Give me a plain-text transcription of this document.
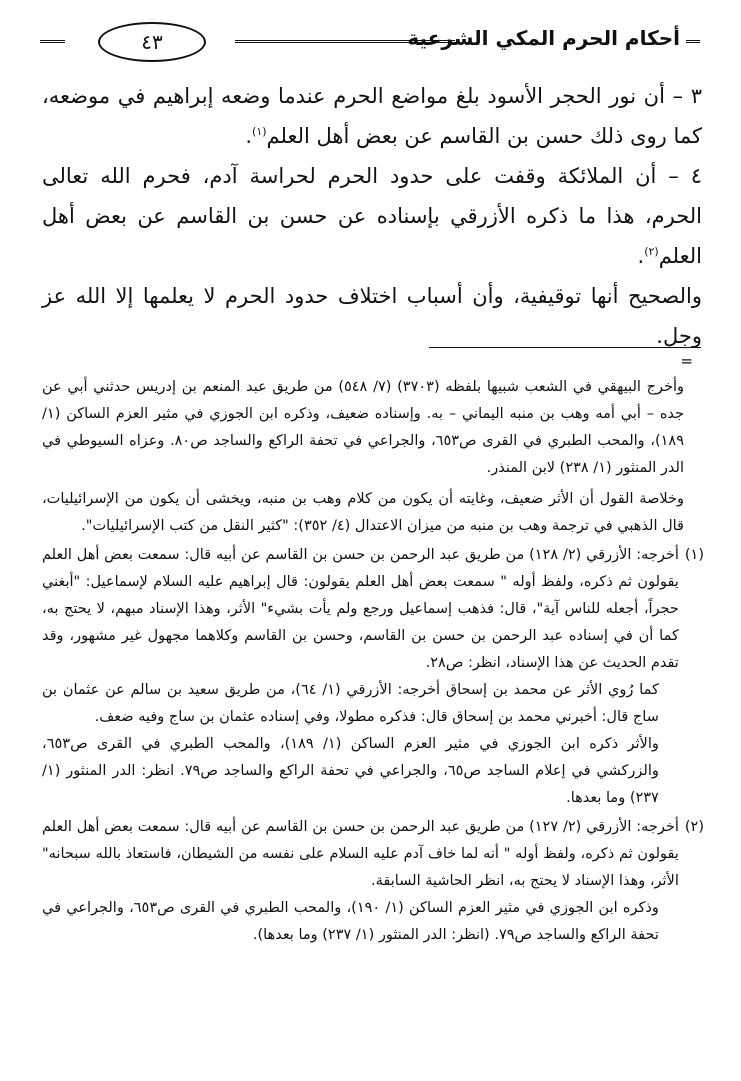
أحكام الحرم المكي الشرعية
٤٣

٣ – أن نور الحجر الأسود بلغ مواضع الحرم عندما وضعه إبراهيم في موضعه، كما روى ذلك حسن بن القاسم عن بعض أهل العلم$^{(١)}$.

٤ – أن الملائكة وقفت على حدود الحرم لحراسة آدم، فحرم الله تعالى الحرم، هذا ما ذكره الأزرقي بإسناده عن حسن بن القاسم عن بعض أهل العلم$^{(٢)}$.

والصحيح أنها توقيفية، وأن أسباب اختلاف حدود الحرم لا يعلمها إلا الله عز وجل.

=

وأخرج البيهقي في الشعب شبيها بلفظه (٣٧٠٣) (٧/ ٥٤٨) من طريق عبد المنعم بن إدريس حدثني أبي عن جده – أبي أمه وهب بن منبه اليماني – به. وإسناده ضعيف، وذكره ابن الجوزي في مثير العزم الساكن (١/ ١٨٩)، والمحب الطبري في القرى ص٦٥٣، والجراعي في تحفة الراكع والساجد ص٨٠. وعزاه السيوطي في الدر المنثور (١/ ٢٣٨) لابن المنذر.

وخلاصة القول أن الأثر ضعيف، وغايته أن يكون من كلام وهب بن منبه، ويخشى أن يكون من الإسرائيليات، قال الذهبي في ترجمة وهب بن منبه من ميزان الاعتدال (٤/ ٣٥٢): "كثير النقل من كتب الإسرائيليات".

(١)

أخرجه: الأزرقي (٢/ ١٢٨) من طريق عبد الرحمن بن حسن بن القاسم عن أبيه قال: سمعت بعض أهل العلم يقولون ثم ذكره، ولفظ أوله " سمعت بعض أهل العلم يقولون: قال إبراهيم عليه السلام لإسماعيل: "أبغني حجراً، أجعله للناس آية"، قال: فذهب إسماعيل ورجع ولم يأت بشيء" الأثر، وهذا الإسناد مبهم، لا يحتج به، كما أن في إسناده عبد الرحمن بن حسن بن القاسم، وحسن بن القاسم وكلاهما مجهول غير مشهور، وقد تقدم الحديث عن هذا الإسناد، انظر: ص٢٨.

كما رُوي الأثر عن محمد بن إسحاق أخرجه: الأزرقي (١/ ٦٤)، من طريق سعيد بن سالم عن عثمان بن ساج قال: أخبرني محمد بن إسحاق قال: فذكره مطولا، وفي إسناده عثمان بن ساج وفيه ضعف.

والأثر ذكره ابن الجوزي في مثير العزم الساكن (١/ ١٨٩)، والمحب الطبري في القرى ص٦٥٣، والزركشي في إعلام الساجد ص٦٥، والجراعي في تحفة الراكع والساجد ص٧٩. انظر: الدر المنثور (١/ ٢٣٧) وما بعدها.

(٢)

أخرجه: الأزرقي (٢/ ١٢٧) من طريق عبد الرحمن بن حسن بن القاسم عن أبيه قال: سمعت بعض أهل العلم يقولون ثم ذكره، ولفظ أوله " أنه لما خاف آدم عليه السلام على نفسه من الشيطان، فاستعاذ بالله سبحانه" الأثر، وهذا الإسناد لا يحتج به، انظر الحاشية السابقة.

وذكره ابن الجوزي في مثير العزم الساكن (١/ ١٩٠)، والمحب الطبري في القرى ص٦٥٣، والجراعي في تحفة الراكع والساجد ص٧٩. (انظر: الدر المنثور (١/ ٢٣٧) وما بعدها).
